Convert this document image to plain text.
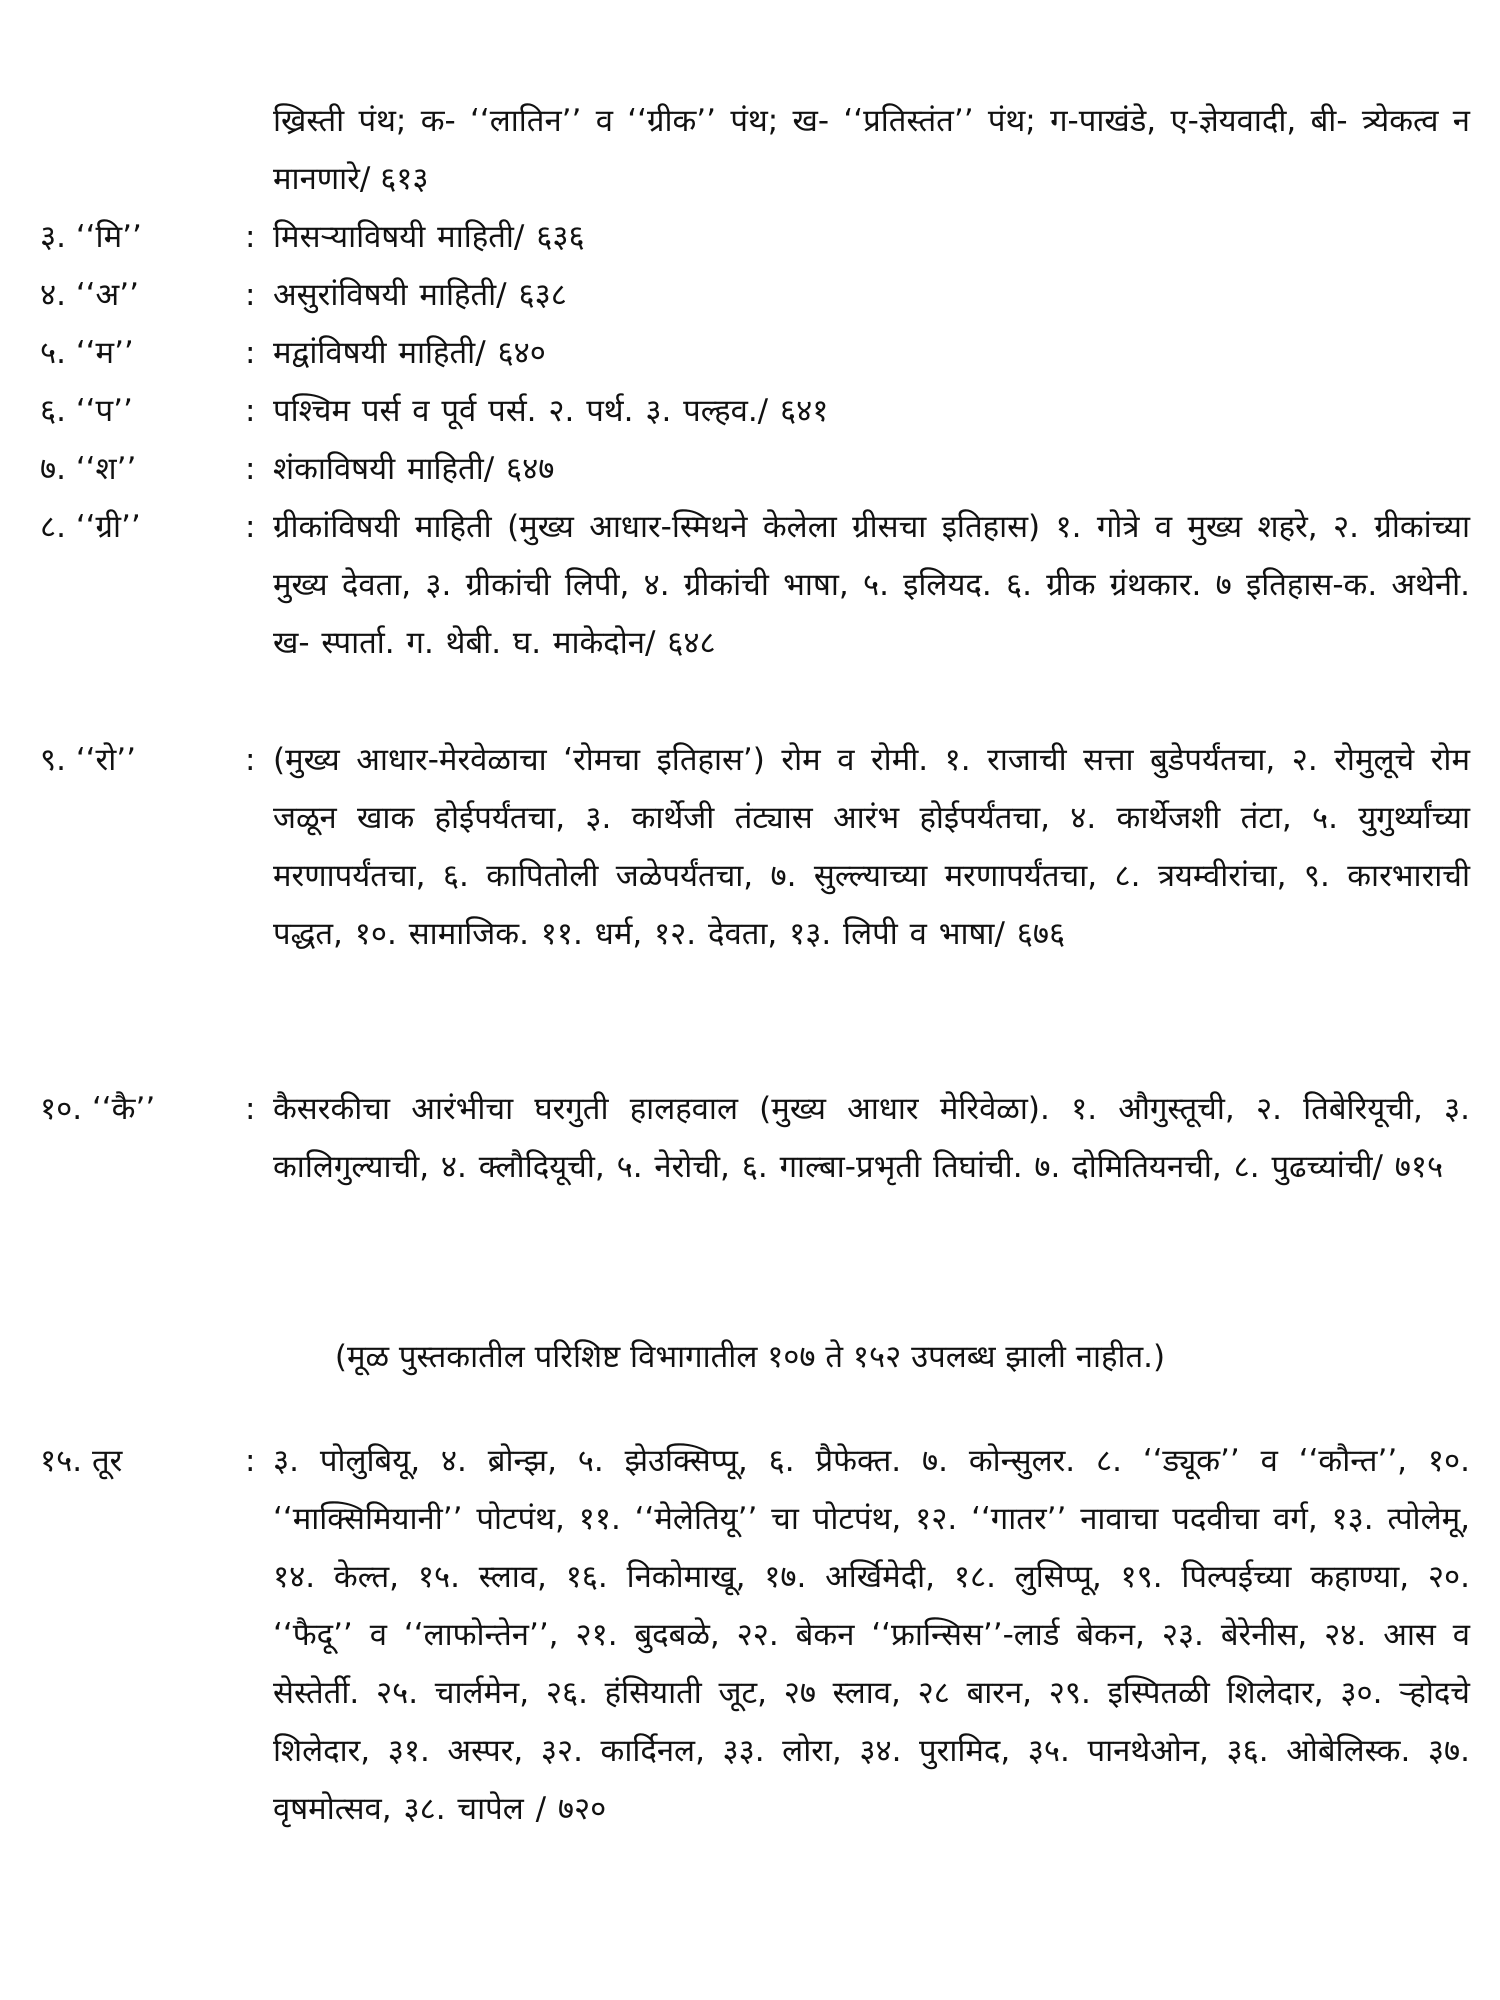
ख्रिस्ती पंथ; क- ‘‘लातिन’’ व ‘‘ग्रीक’’ पंथ; ख- ‘‘प्रतिस्तंत’’ पंथ; ग-पाखंडे, ए-ज्ञेयवादी, बी- त्र्येकत्व न मानणारे/ ६१३
३. ‘‘मि’’	: मिसऱ्याविषयी माहिती/ ६३६
४. ‘‘अ’’	: असुरांविषयी माहिती/ ६३८
५. ‘‘म’’	: मद्वांविषयी माहिती/ ६४०
६. ‘‘प’’	: पश्चिम पर्स व पूर्व पर्स. २. पर्थ. ३. पल्हव./ ६४१
७. ‘‘श’’	: शंकाविषयी माहिती/ ६४७
८. ‘‘ग्री’’	: ग्रीकांविषयी माहिती (मुख्य आधार-स्मिथने केलेला ग्रीसचा इतिहास) १. गोत्रे व मुख्य शहरे, २. ग्रीकांच्या मुख्य देवता, ३. ग्रीकांची लिपी, ४. ग्रीकांची भाषा, ५. इलियद. ६. ग्रीक ग्रंथकार. ७ इतिहास-क. अथेनी. ख- स्पार्ता. ग. थेबी. घ. माकेदोन/ ६४८
९. ‘‘रो’’	: (मुख्य आधार-मेरवेळाचा ‘रोमचा इतिहास’) रोम व रोमी. १. राजाची सत्ता बुडेपर्यंतचा, २. रोमुलूचे रोम जळून खाक होईपर्यंतचा, ३. कार्थेजी तंट्यास आरंभ होईपर्यंतचा, ४. कार्थेजशी तंटा, ५. युगुर्थ्यांच्या मरणापर्यंतचा, ६. कापितोली जळेपर्यंतचा, ७. सुल्ल्याच्या मरणापर्यंतचा, ८. त्रयम्वीरांचा, ९. कारभाराची पद्धत, १०. सामाजिक. ११. धर्म, १२. देवता, १३. लिपी व भाषा/ ६७६
१०. ‘‘कै’’	: कैसरकीचा आरंभीचा घरगुती हालहवाल (मुख्य आधार मेरिवेळा). १. औगुस्तूची, २. तिबेरियूची, ३. कालिगुल्याची, ४. क्लौदियूची, ५. नेरोची, ६. गाल्बा-प्रभृती तिघांची. ७. दोमितियनची, ८. पुढच्यांची/ ७१५
(मूळ पुस्तकातील परिशिष्ट विभागातील १०७ ते १५२ उपलब्ध झाली नाहीत.)
१५. तूर	: ३. पोलुबियू, ४. ब्रोन्झ, ५. झेउक्सिप्पू, ६. प्रैफेक्त. ७. कोन्सुलर. ८. ‘‘ड्यूक’’ व ‘‘कौन्त’’, १०. ‘‘माक्सिमियानी’’ पोटपंथ, ११. ‘‘मेलेतियू’’ चा पोटपंथ, १२. ‘‘गातर’’ नावाचा पदवीचा वर्ग, १३. त्पोलेमू, १४. केल्त, १५. स्लाव, १६. निकोमाखू, १७. अर्खिमेदी, १८. लुसिप्पू, १९. पिल्पईच्या कहाण्या, २०. ‘‘फैदू’’ व ‘‘लाफोन्तेन’’, २१. बुदबळे, २२. बेकन ‘‘फ्रान्सिस’’-लार्ड बेकन, २३. बेरेनीस, २४. आस व सेस्तेर्ती. २५. चार्लमेन, २६. हंसियाती जूट, २७ स्लाव, २८ बारन, २९. इस्पितळी शिलेदार, ३०. ऱ्होदचे शिलेदार, ३१. अस्पर, ३२. कार्दिनल, ३३. लोरा, ३४. पुरामिद, ३५. पानथेओन, ३६. ओबेलिस्क. ३७. वृषमोत्सव, ३८. चापेल / ७२०
